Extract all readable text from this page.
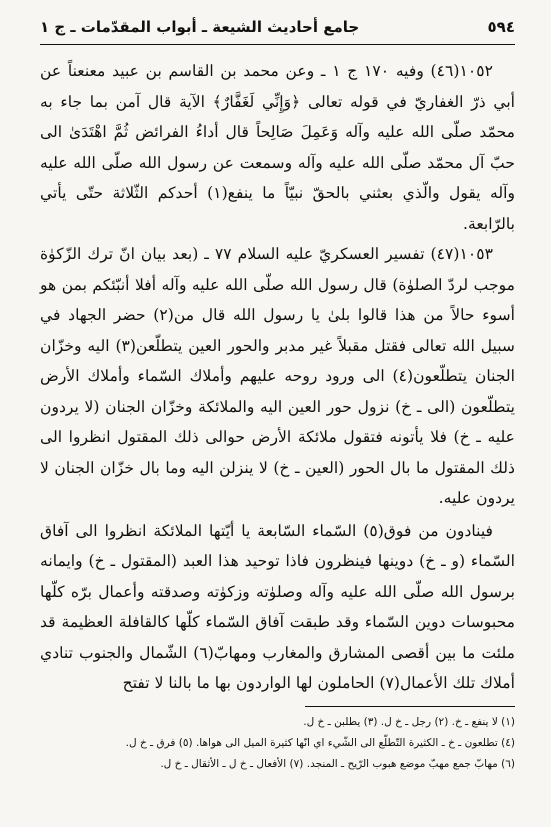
٥٩٤
جامع أحاديث الشيعة ـ أبواب المقدّمات ـ ج ١

١٠٥٢(٤٦) وفيه ١٧٠ ج ١ ـ وعن محمد بن القاسم بن عبيد معنعناً عن أبي ذرّ الغفاريّ في قوله تعالى ﴿وَإِنِّي لَغَفَّارٌ﴾ الآية قال آمن بما جاء به محمّد صلّى الله عليه وآله وَعَمِلَ صَالِحاً قال أداءُ الفرائض ثُمَّ اهْتَدَىٰ الى حبّ آل محمّد صلّى الله عليه وآله وسمعت عن رسول الله صلّى الله عليه وآله يقول والّذي بعثني بالحقّ نبيّاً ما ينفع(١) أحدكم الثّلاثة حتّى يأتي بالرّابعة.

١٠٥٣(٤٧) تفسير العسكريّ عليه السلام ٧٧ ـ (بعد بيان انّ ترك الزّكوٰة موجب لردّ الصلوٰة) قال رسول الله صلّى الله عليه وآله أفلا أنبّئكم بمن هو أسوء حالاً من هذا قالوا بلىٰ يا رسول الله قال من(٢) حضر الجهاد في سبيل الله تعالى فقتل مقبلاً غير مدبر والحور العين يتطلّعن(٣) اليه وخزّان الجنان يتطلّعون(٤) الى ورود روحه عليهم وأملاك السّماء وأملاك الأرض يتطلّعون (الى ـ خ) نزول حور العين اليه والملائكة وخزّان الجنان (لا يردون عليه ـ خ) فلا يأتونه فتقول ملائكة الأرض حوالى ذلك المقتول انظروا الى ذلك المقتول ما بال الحور (العين ـ خ) لا ينزلن اليه وما بال خزّان الجنان لا يردون عليه.

فينادون من فوق(٥) السّماء السّابعة يا أيّتها الملائكة انظروا الى آفاق السّماء (و ـ خ) دوينها فينظرون فاذا توحيد هذا العبد (المقتول ـ خ) وايمانه برسول الله صلّى الله عليه وآله وصلوٰته وزكوٰته وصدقته وأعمال برّه كلّها محبوسات دوين السّماء وقد طبقت آفاق السّماء كلّها كالقافلة العظيمة قد ملئت ما بين أقصى المشارق والمغارب ومهابّ(٦) الشّمال والجنوب تنادي أملاك تلك الأعمال(٧) الحاملون لها الواردون بها ما بالنا لا تفتح

(١) لا ينفع ـ خ. (٢) رجل ـ خ ل. (٣) يطلبن ـ خ ل.
(٤) تطلعون ـ خ ـ الكثيرة التّطلّع الى الشّيء اي انّها كثيرة الميل الى هواها. (٥) فرق ـ خ ل.
(٦) مهابّ جمع مهبّ موضع هبوب الرّيح ـ المنجد. (٧) الأفعال ـ خ ل ـ الأثقال ـ خ ل.
